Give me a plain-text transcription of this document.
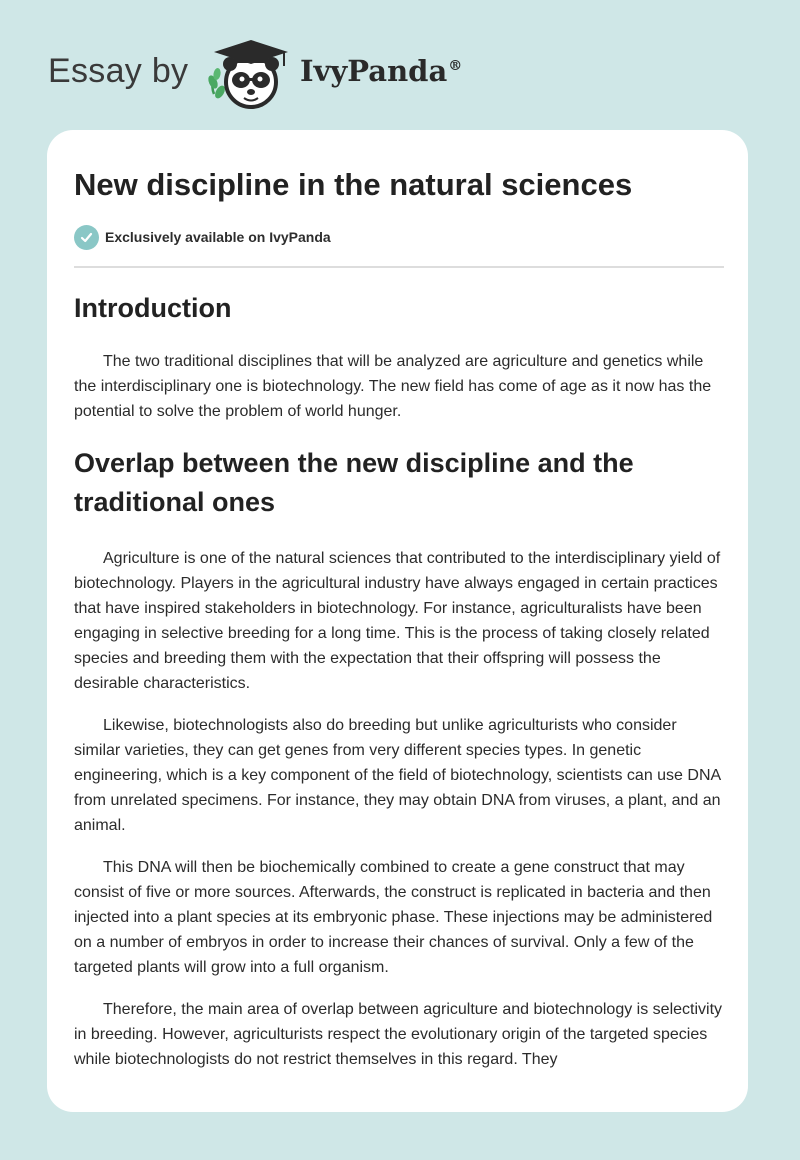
Essay by	IvyPanda®
New discipline in the natural sciences
Exclusively available on IvyPanda
Introduction

The two traditional disciplines that will be analyzed are agriculture and genetics while the interdisciplinary one is biotechnology. The new field has come of age as it now has the potential to solve the problem of world hunger.

Overlap between the new discipline and the traditional ones

Agriculture is one of the natural sciences that contributed to the interdisciplinary yield of biotechnology. Players in the agricultural industry have always engaged in certain practices that have inspired stakeholders in biotechnology. For instance, agriculturalists have been engaging in selective breeding for a long time. This is the process of taking closely related species and breeding them with the expectation that their offspring will possess the desirable characteristics.

Likewise, biotechnologists also do breeding but unlike agriculturists who consider similar varieties, they can get genes from very different species types. In genetic engineering, which is a key component of the field of biotechnology, scientists can use DNA from unrelated specimens. For instance, they may obtain DNA from viruses, a plant, and an animal.

This DNA will then be biochemically combined to create a gene construct that may consist of five or more sources. Afterwards, the construct is replicated in bacteria and then injected into a plant species at its embryonic phase. These injections may be administered on a number of embryos in order to increase their chances of survival. Only a few of the targeted plants will grow into a full organism.

Therefore, the main area of overlap between agriculture and biotechnology is selectivity in breeding. However, agriculturists respect the evolutionary origin of the targeted species while biotechnologists do not restrict themselves in this regard. They
